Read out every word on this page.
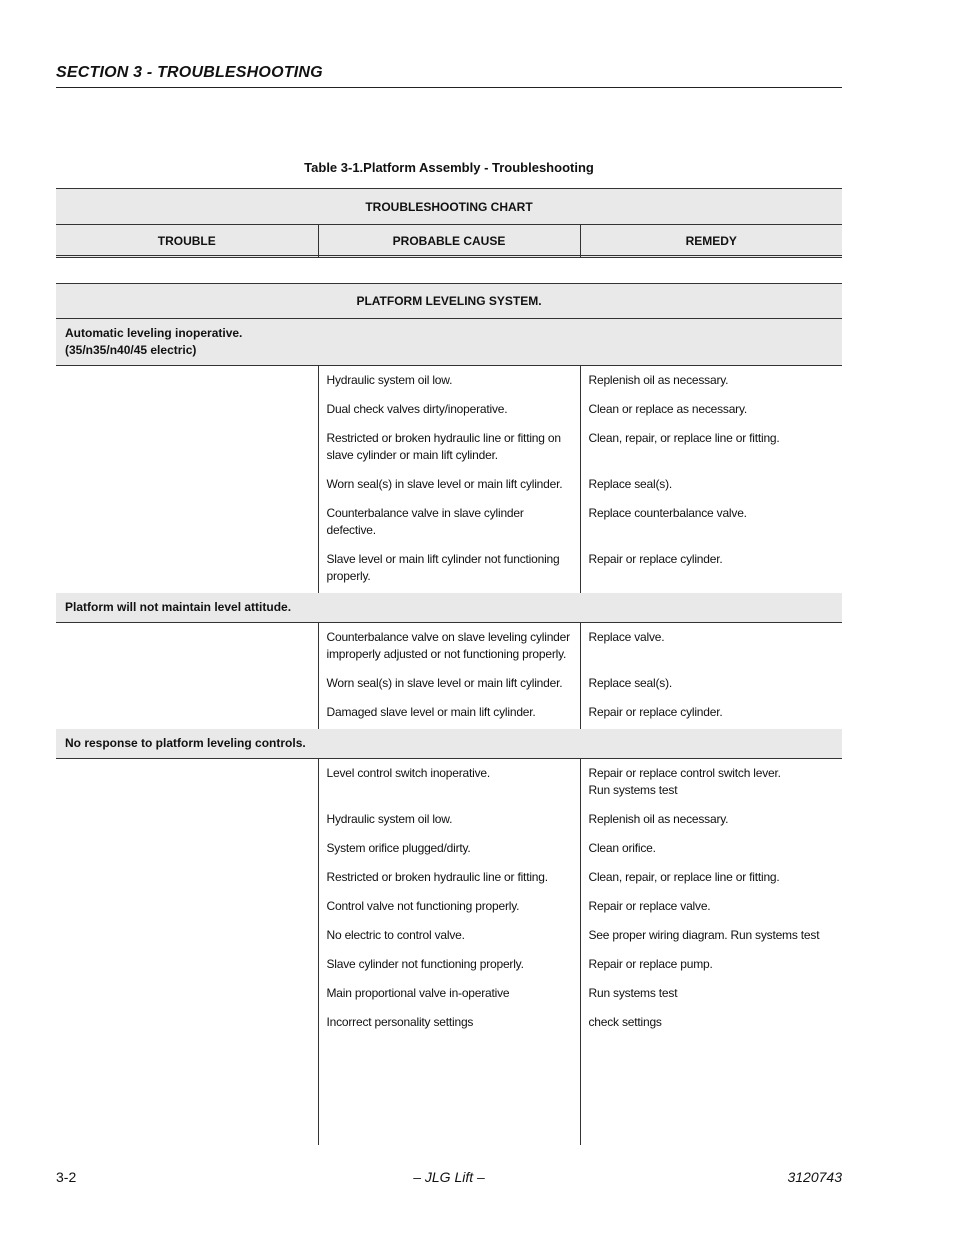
SECTION 3 - TROUBLESHOOTING
Table 3-1.Platform Assembly - Troubleshooting
TROUBLESHOOTING CHART
TROUBLE	PROBABLE CAUSE	REMEDY
PLATFORM LEVELING SYSTEM.		

Automatic leveling inoperative.
(35/n35/n40/45 electric)		

	Hydraulic system oil low.	Replenish oil as necessary.

	Dual check valves dirty/inoperative.	Clean or replace as necessary.

	Restricted or broken hydraulic line or fitting on
slave cylinder or main lift cylinder.	Clean, repair, or replace line or fitting.

	Worn seal(s) in slave level or main lift cylinder.	Replace seal(s).

	Counterbalance valve in slave cylinder defective.	Replace counterbalance valve.

	Slave level or main lift cylinder not functioning
properly.	Repair or replace cylinder.

Platform will not maintain level attitude.		

	Counterbalance valve on slave leveling cylinder
improperly adjusted or not functioning properly.	Replace valve.

	Worn seal(s) in slave level or main lift cylinder.	Replace seal(s).

	Damaged slave level or main lift cylinder.	Repair or replace cylinder.

No response to platform leveling controls.		

	Level control switch inoperative.	Repair or replace control switch lever.
Run systems test

	Hydraulic system oil low.	Replenish oil as necessary.

	System orifice plugged/dirty.	Clean orifice.

	Restricted or broken hydraulic line or fitting.	Clean, repair, or replace line or fitting.

	Control valve not functioning properly.	Repair or replace valve.

	No electric to control valve.	See proper wiring diagram. Run systems test

	Slave cylinder not functioning properly.	Repair or replace pump.

	Main proportional valve in-operative	Run systems test

	Incorrect personality settings	check settings

3-2	– JLG Lift –	3120743
